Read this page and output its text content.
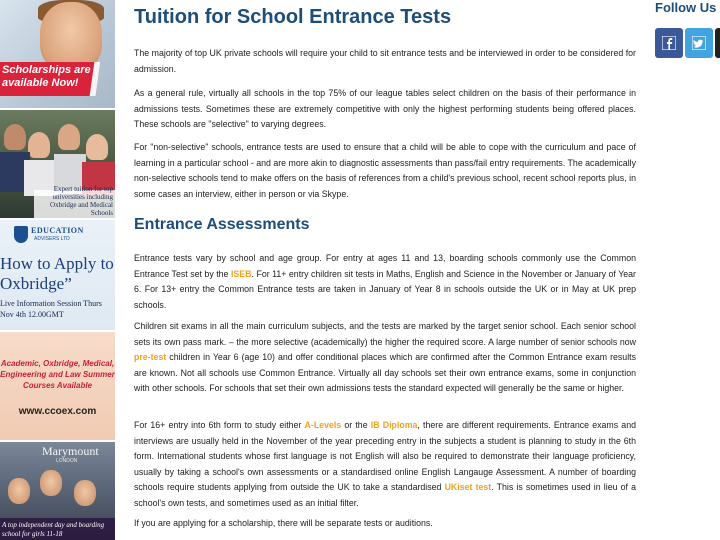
Scholarships are available Now!
Expert tuition for top universities including Oxbridge and Medical Schools
EDUCATION
ADVISERS LTD
How to Apply to Oxbridge”
Live Information Session Thurs Nov 4th 12.00GMT
Academic, Oxbridge, Medical, Engineering and Law Summer Courses Available
www.ccoex.com
Marymount
LONDON
A top independent day and boarding school for girls 11-18
Tuition for School Entrance Tests

The majority of top UK private schools will require your child to sit entrance tests and be interviewed in order to be considered for admission.

As a general rule, virtually all schools in the top 75% of our league tables select children on the basis of their performance in admissions tests. Sometimes these are extremely competitive with only the highest performing students being offered places. These schools are "selective" to varying degrees.

For "non-selective" schools, entrance tests are used to ensure that a child will be able to cope with the curriculum and pace of learning in a particular school - and are more akin to diagnostic assessments than pass/fail entry requirements. The academically non-selective schools tend to make offers on the basis of references from a child's previous school, recent school reports plus, in some cases an interview, either in person or via Skype.

Entrance Assessments

Entrance tests vary by school and age group. For entry at ages 11 and 13, boarding schools commonly use the Common Entrance Test set by the ISEB. For 11+ entry children sit tests in Maths, English and Science in the November or January of Year 6. For 13+ entry the Common Entrance tests are taken in January of Year 8 in schools outside the UK or in May at UK prep schools.

Children sit exams in all the main curriculum subjects, and the tests are marked by the target senior school. Each senior school sets its own pass mark. – the more selective (academically) the higher the required score. A large number of senior schools now pre-test children in Year 6 (age 10) and offer conditional places which are confirmed after the Common Entrance exam results are known. Not all schools use Common Entrance. Virtually all day schools set their own entrance exams, some in conjunction with other schools. For schools that set their own admissions tests the standard expected will generally be the same or higher.

For 16+ entry into 6th form to study either A-Levels or the IB Diploma, there are different requirements. Entrance exams and interviews are usually held in the November of the year preceding entry in the subjects a student is planning to study in the 6th form. International students whose first language is not English will also be required to demonstrate their language proficiency, usually by taking a school's own assessments or a standardised online English Langauge Assessment. A number of boarding schools require students applying from outside the UK to take a standardised UKiset test. This is sometimes used in lieu of a school's own tests, and sometimes used as an initial filter.

If you are applying for a scholarship, there will be separate tests or auditions.

Follow Us
